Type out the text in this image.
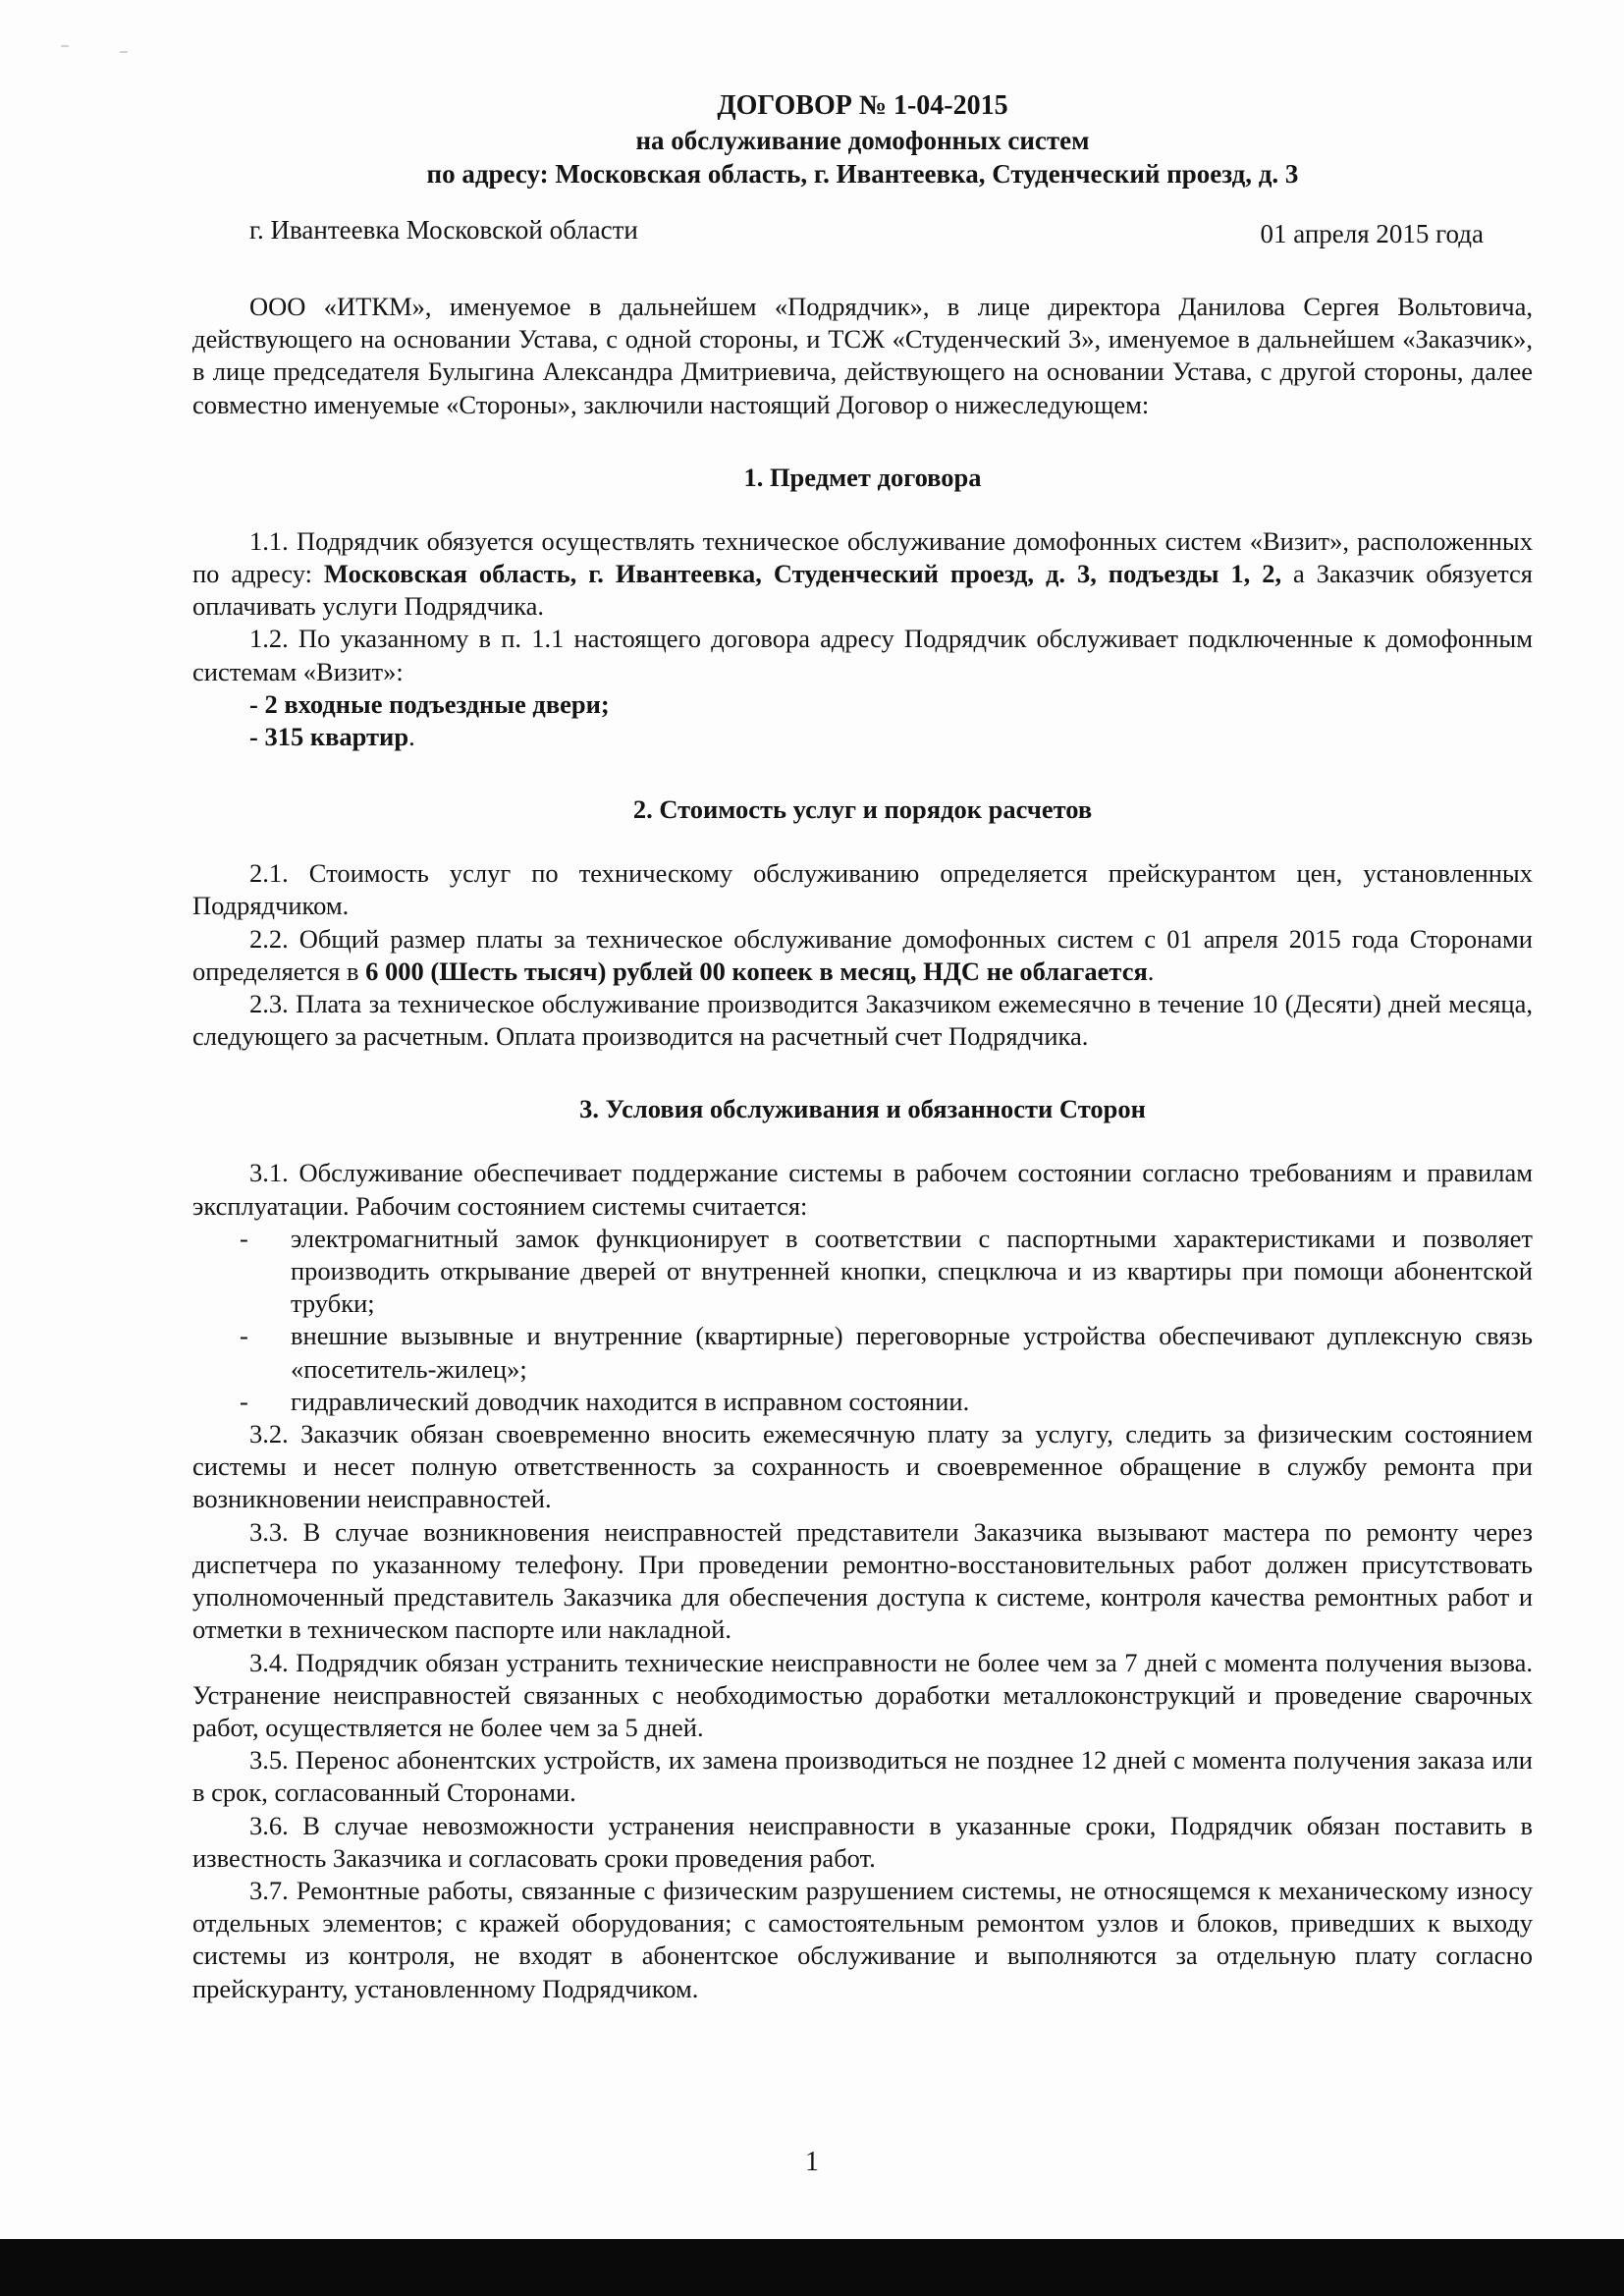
ДОГОВОР № 1-04-2015
на обслуживание домофонных систем
по адресу: Московская область, г. Ивантеевка, Студенческий проезд, д. 3
г. Ивантеевка Московской области	01 апреля 2015 года

ООО «ИТКМ», именуемое в дальнейшем «Подрядчик», в лице директора Данилова Сергея Вольтовича, действующего на основании Устава, с одной стороны, и ТСЖ «Студенческий 3», именуемое в дальнейшем «Заказчик», в лице председателя Булыгина Александра Дмитриевича, действующего на основании Устава, с другой стороны, далее совместно именуемые «Стороны», заключили настоящий Договор о нижеследующем:

1. Предмет договора

1.1. Подрядчик обязуется осуществлять техническое обслуживание домофонных систем «Визит», расположенных по адресу: Московская область, г. Ивантеевка, Студенческий проезд, д. 3, подъезды 1, 2, а Заказчик обязуется оплачивать услуги Подрядчика.

1.2. По указанному в п. 1.1 настоящего договора адресу Подрядчик обслуживает подключенные к домофонным системам «Визит»:

- 2 входные подъездные двери;
- 315 квартир.
2. Стоимость услуг и порядок расчетов

2.1. Стоимость услуг по техническому обслуживанию определяется прейскурантом цен, установленных Подрядчиком.

2.2. Общий размер платы за техническое обслуживание домофонных систем с 01 апреля 2015 года Сторонами определяется в 6 000 (Шесть тысяч) рублей 00 копеек в месяц, НДС не облагается.

2.3. Плата за техническое обслуживание производится Заказчиком ежемесячно в течение 10 (Десяти) дней месяца, следующего за расчетным. Оплата производится на расчетный счет Подрядчика.

3. Условия обслуживания и обязанности Сторон

3.1. Обслуживание обеспечивает поддержание системы в рабочем состоянии согласно требованиям и правилам эксплуатации. Рабочим состоянием системы считается:

- электромагнитный замок функционирует в соответствии с паспортными характеристиками и позволяет производить открывание дверей от внутренней кнопки, спецключа и из квартиры при помощи абонентской трубки;
- внешние вызывные и внутренние (квартирные) переговорные устройства обеспечивают дуплексную связь «посетитель-жилец»;
- гидравлический доводчик находится в исправном состоянии.

3.2. Заказчик обязан своевременно вносить ежемесячную плату за услугу, следить за физическим состоянием системы и несет полную ответственность за сохранность и своевременное обращение в службу ремонта при возникновении неисправностей.

3.3. В случае возникновения неисправностей представители Заказчика вызывают мастера по ремонту через диспетчера по указанному телефону. При проведении ремонтно-восстановительных работ должен присутствовать уполномоченный представитель Заказчика для обеспечения доступа к системе, контроля качества ремонтных работ и отметки в техническом паспорте или накладной.

3.4. Подрядчик обязан устранить технические неисправности не более чем за 7 дней с момента получения вызова. Устранение неисправностей связанных с необходимостью доработки металлоконструкций и проведение сварочных работ, осуществляется не более чем за 5 дней.

3.5. Перенос абонентских устройств, их замена производиться не позднее 12 дней с момента получения заказа или в срок, согласованный Сторонами.

3.6. В случае невозможности устранения неисправности в указанные сроки, Подрядчик обязан поставить в известность Заказчика и согласовать сроки проведения работ.

3.7. Ремонтные работы, связанные с физическим разрушением системы, не относящемся к механическому износу отдельных элементов; с кражей оборудования; с самостоятельным ремонтом узлов и блоков, приведших к выходу системы из контроля, не входят в абонентское обслуживание и выполняются за отдельную плату согласно прейскуранту, установленному Подрядчиком.

1
